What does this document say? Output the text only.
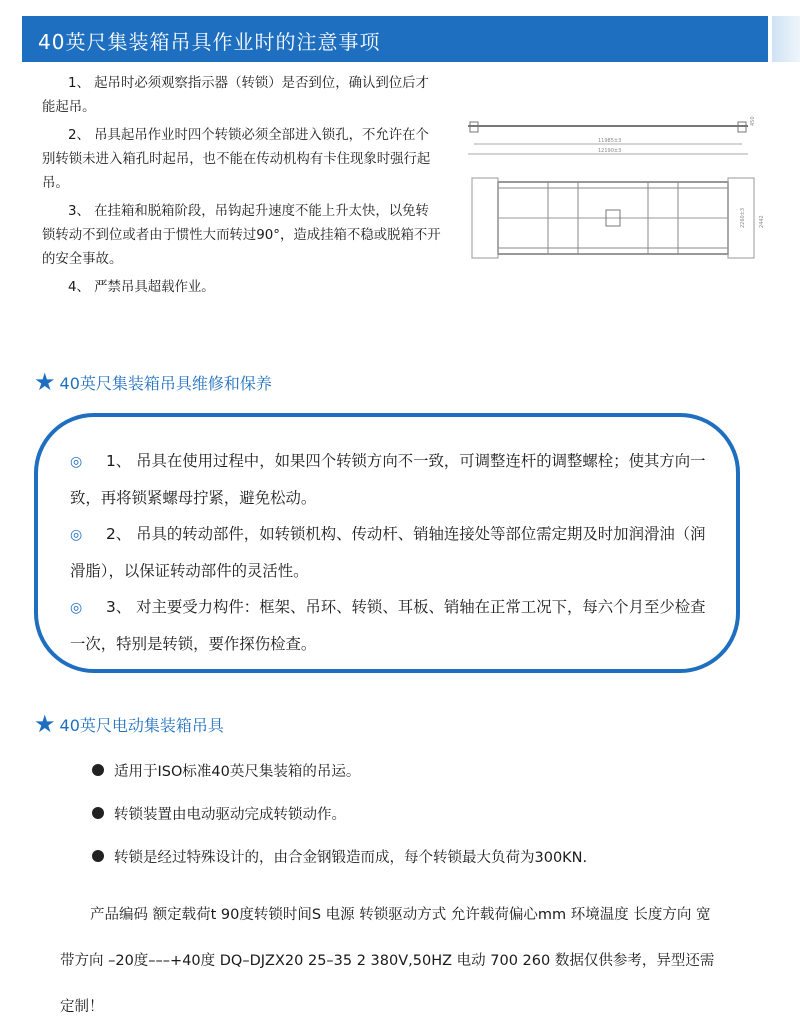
40英尺集装箱吊具作业时的注意事项

1、 起吊时必须观察指示器（转锁）是否到位，确认到位后才能起吊。

2、 吊具起吊作业时四个转锁必须全部进入锁孔，不允许在个别转锁未进入箱孔时起吊，也不能在传动机构有卡住现象时强行起吊。

3、 在挂箱和脱箱阶段，吊钩起升速度不能上升太快，以免转锁转动不到位或者由于惯性大而转过90°，造成挂箱不稳或脱箱不开的安全事故。

4、 严禁吊具超载作业。

11985±3
12190±3
450
2260±3	2442
★ 40英尺集装箱吊具维修和保养

◎ 1、 吊具在使用过程中，如果四个转锁方向不一致，可调整连杆的调整螺栓；使其方向一致，再将锁紧螺母拧紧，避免松动。

◎ 2、 吊具的转动部件，如转锁机构、传动杆、销轴连接处等部位需定期及时加润滑油（润滑脂），以保证转动部件的灵活性。

◎ 3、 对主要受力构件：框架、吊环、转锁、耳板、销轴在正常工况下，每六个月至少检查一次，特别是转锁，要作探伤检查。

★ 40英尺电动集装箱吊具
适用于ISO标准40英尺集装箱的吊运。
转锁装置由电动驱动完成转锁动作。
转锁是经过特殊设计的，由合金钢锻造而成，每个转锁最大负荷为300KN.

产品编码 额定载荷t 90度转锁时间S 电源 转锁驱动方式 允许载荷偏心mm 环境温度 长度方向 宽带方向 –20度–––+40度 DQ–DJZX20 25–35 2 380V,50HZ 电动 700 260 数据仅供参考，异型还需定制！
